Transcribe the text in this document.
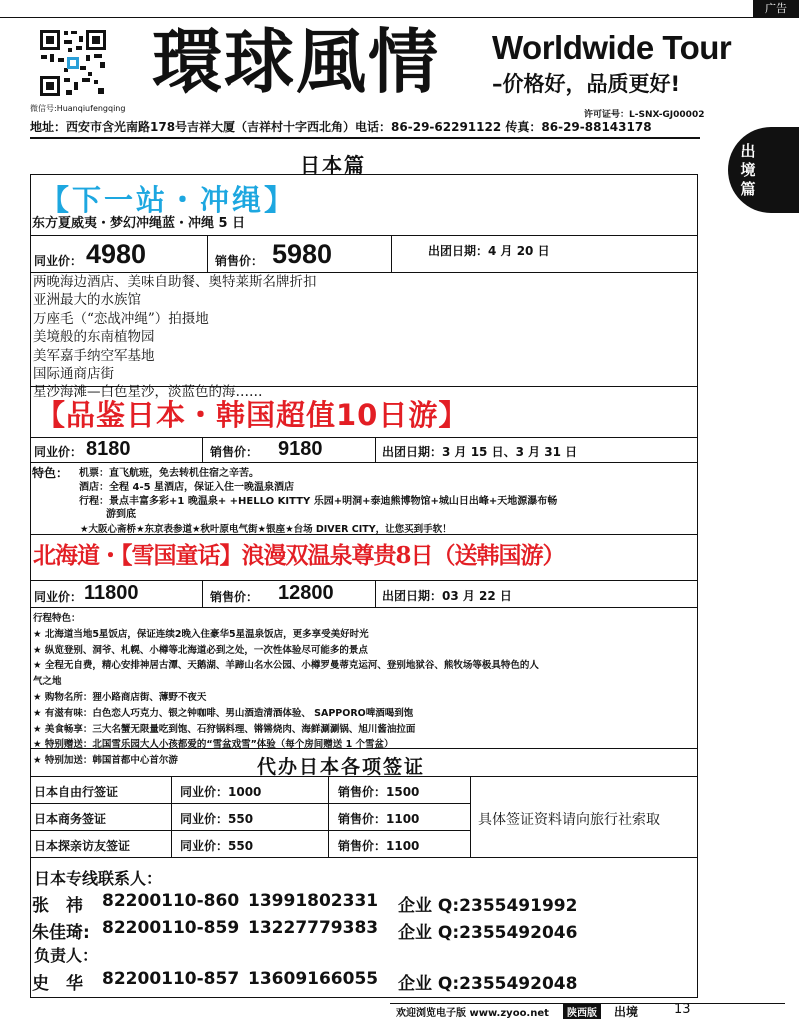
广告
微信号:Huanqiufengqing
環球風情 Worldwide Tour
–价格好，品质更好!
许可证号：L-SNX-GJ00002
地址：西安市含光南路178号吉祥大厦（吉祥村十字西北角）电话：86-29-62291122 传真：86-29-88143178
日本篇
出
境
篇
【下一站・冲绳】
东方夏威夷・梦幻冲绳蓝・冲绳 5 日
同业价： 4980	销售价： 5980	出团日期：4 月 20 日
两晚海边酒店、美味自助餐、奥特莱斯名牌折扣
亚洲最大的水族馆
万座毛（“恋战冲绳”）拍摄地
美境般的东南植物园
美军嘉手纳空军基地
国际通商店街
星沙海滩—白色星沙，淡蓝色的海……
【品鉴日本・韩国超值10日游】
同业价： 8180	销售价： 9180	出团日期：3 月 15 日、3 月 31 日
特色： 机票：直飞航班，免去转机住宿之辛苦。
酒店：全程 4-5 星酒店，保证入住一晚温泉酒店
行程：景点丰富多彩+1 晚温泉+ +HELLO KITTY 乐园+明洞+泰迪熊博物馆+城山日出峰+天地源瀑布畅
游到底
★大阪心斋桥★东京表参道★秋叶原电气街★银座★台场 DIVER CITY，让您买到手软！
北海道・【雪国童话】浪漫双温泉尊贵8日（送韩国游）
同业价： 11800	销售价： 12800	出团日期：03 月 22 日
行程特色：
★ 北海道当地5星饭店，保证连续2晚入住豪华5星温泉饭店，更多享受美好时光
★ 纵览登别、洞爷、札幌、小樽等北海道必到之处，一次性体验尽可能多的景点
★ 全程无自费，精心安排神居古潭、天鹅湖、羊蹄山名水公园、小樽罗曼蒂克运河、登别地狱谷、熊牧场等极具特色的人
气之地
★ 购物名所：狸小路商店街、薄野不夜天
★ 有滋有味：白色恋人巧克力、银之钟咖啡、男山酒造清酒体验、 SAPPORO啤酒喝到饱
★ 美食畅享：三大名蟹无限量吃到饱、石狩锅料理、锵锵烧肉、海鲜涮涮锅、旭川酱油拉面
★ 特别赠送：北国雪乐园大人小孩都爱的“雪盆戏雪”体验（每个房间赠送 1 个雪盆）
★ 特别加送：韩国首都中心首尔游	代办日本各项签证
日本自由行签证	同业价：1000	销售价：1500
日本商务签证	同业价：550	销售价：1100
日本探亲访友签证	同业价：550	销售价：1100
具体签证资料请向旅行社索取
日本专线联系人：
张　祎 82200110-860 13991802331 企业 Q:2355491992
朱佳琦: 82200110-859 13227779383 企业 Q:2355492046
负责人：
史　华 82200110-857 13609166055 企业 Q:2355492048
欢迎浏览电子版 www.zyoo.net	陕西版	出境	13
